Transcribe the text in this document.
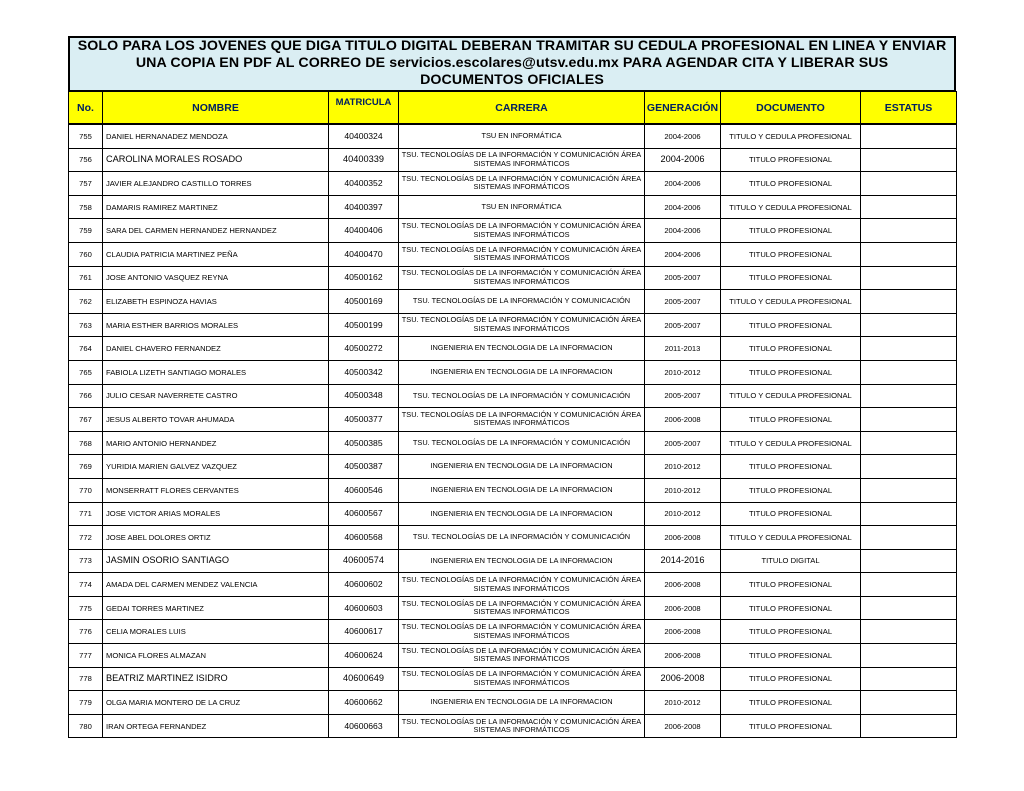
SOLO PARA LOS JOVENES QUE DIGA TITULO DIGITAL DEBERAN TRAMITAR SU CEDULA PROFESIONAL EN LINEA Y ENVIAR
UNA COPIA EN PDF AL CORREO DE servicios.escolares@utsv.edu.mx PARA AGENDAR CITA Y LIBERAR SUS
DOCUMENTOS OFICIALES
No.	NOMBRE	MATRICULA	CARRERA	GENERACIÓN	DOCUMENTO	ESTATUS
755	DANIEL HERNANADEZ MENDOZA	40400324	TSU EN INFORMÁTICA	2004-2006	TITULO Y CEDULA PROFESIONAL	
756	CAROLINA MORALES ROSADO	40400339	TSU. TECNOLOGÍAS DE LA INFORMACIÓN Y COMUNICACIÓN ÁREA SISTEMAS INFORMÁTICOS	2004-2006	TITULO PROFESIONAL	
757	JAVIER ALEJANDRO CASTILLO TORRES	40400352	TSU. TECNOLOGÍAS DE LA INFORMACIÓN Y COMUNICACIÓN ÁREA SISTEMAS INFORMÁTICOS	2004-2006	TITULO PROFESIONAL	
758	DAMARIS RAMIREZ MARTINEZ	40400397	TSU EN INFORMÁTICA	2004-2006	TITULO Y CEDULA PROFESIONAL	
759	SARA DEL CARMEN HERNANDEZ HERNANDEZ	40400406	TSU. TECNOLOGÍAS DE LA INFORMACIÓN Y COMUNICACIÓN ÁREA SISTEMAS INFORMÁTICOS	2004-2006	TITULO PROFESIONAL	
760	CLAUDIA PATRICIA MARTINEZ PEÑA	40400470	TSU. TECNOLOGÍAS DE LA INFORMACIÓN Y COMUNICACIÓN ÁREA SISTEMAS INFORMÁTICOS	2004-2006	TITULO PROFESIONAL	
761	JOSE ANTONIO VASQUEZ REYNA	40500162	TSU. TECNOLOGÍAS DE LA INFORMACIÓN Y COMUNICACIÓN ÁREA SISTEMAS INFORMÁTICOS	2005-2007	TITULO PROFESIONAL	
762	ELIZABETH ESPINOZA HAVIAS	40500169	TSU. TECNOLOGÍAS DE LA INFORMACIÓN Y COMUNICACIÓN	2005-2007	TITULO Y CEDULA PROFESIONAL	
763	MARIA ESTHER BARRIOS MORALES	40500199	TSU. TECNOLOGÍAS DE LA INFORMACIÓN Y COMUNICACIÓN ÁREA SISTEMAS INFORMÁTICOS	2005-2007	TITULO PROFESIONAL	
764	DANIEL CHAVERO FERNANDEZ	40500272	INGENIERIA EN TECNOLOGIA DE LA INFORMACION	2011-2013	TITULO PROFESIONAL	
765	FABIOLA LIZETH SANTIAGO MORALES	40500342	INGENIERIA EN TECNOLOGIA DE LA INFORMACION	2010-2012	TITULO PROFESIONAL	
766	JULIO CESAR NAVERRETE CASTRO	40500348	TSU. TECNOLOGÍAS DE LA INFORMACIÓN Y COMUNICACIÓN	2005-2007	TITULO Y CEDULA PROFESIONAL	
767	JESUS ALBERTO TOVAR AHUMADA	40500377	TSU. TECNOLOGÍAS DE LA INFORMACIÓN Y COMUNICACIÓN ÁREA SISTEMAS INFORMÁTICOS	2006-2008	TITULO PROFESIONAL	
768	MARIO ANTONIO HERNANDEZ	40500385	TSU. TECNOLOGÍAS DE LA INFORMACIÓN Y COMUNICACIÓN	2005-2007	TITULO Y CEDULA PROFESIONAL	
769	YURIDIA MARIEN GALVEZ VAZQUEZ	40500387	INGENIERIA EN TECNOLOGIA DE LA INFORMACION	2010-2012	TITULO PROFESIONAL	
770	MONSERRATT FLORES CERVANTES	40600546	INGENIERIA EN TECNOLOGIA DE LA INFORMACION	2010-2012	TITULO PROFESIONAL	
771	JOSE VICTOR ARIAS MORALES	40600567	INGENIERIA EN TECNOLOGIA DE LA INFORMACION	2010-2012	TITULO PROFESIONAL	
772	JOSE ABEL DOLORES ORTIZ	40600568	TSU. TECNOLOGÍAS DE LA INFORMACIÓN Y COMUNICACIÓN	2006-2008	TITULO Y CEDULA PROFESIONAL	
773	JASMIN OSORIO SANTIAGO	40600574	INGENIERIA EN TECNOLOGIA DE LA INFORMACION	2014-2016	TITULO DIGITAL	
774	AMADA DEL CARMEN MENDEZ VALENCIA	40600602	TSU. TECNOLOGÍAS DE LA INFORMACIÓN Y COMUNICACIÓN ÁREA SISTEMAS INFORMÁTICOS	2006-2008	TITULO PROFESIONAL	
775	GEDAI TORRES MARTINEZ	40600603	TSU. TECNOLOGÍAS DE LA INFORMACIÓN Y COMUNICACIÓN ÁREA SISTEMAS INFORMÁTICOS	2006-2008	TITULO PROFESIONAL	
776	CELIA MORALES LUIS	40600617	TSU. TECNOLOGÍAS DE LA INFORMACIÓN Y COMUNICACIÓN ÁREA SISTEMAS INFORMÁTICOS	2006-2008	TITULO PROFESIONAL	
777	MONICA FLORES ALMAZAN	40600624	TSU. TECNOLOGÍAS DE LA INFORMACIÓN Y COMUNICACIÓN ÁREA SISTEMAS INFORMÁTICOS	2006-2008	TITULO PROFESIONAL	
778	BEATRIZ MARTINEZ ISIDRO	40600649	TSU. TECNOLOGÍAS DE LA INFORMACIÓN Y COMUNICACIÓN ÁREA SISTEMAS INFORMÁTICOS	2006-2008	TITULO PROFESIONAL	
779	OLGA MARIA MONTERO DE LA CRUZ	40600662	INGENIERIA EN TECNOLOGIA DE LA INFORMACION	2010-2012	TITULO PROFESIONAL	
780	IRAN ORTEGA FERNANDEZ	40600663	TSU. TECNOLOGÍAS DE LA INFORMACIÓN Y COMUNICACIÓN ÁREA SISTEMAS INFORMÁTICOS	2006-2008	TITULO PROFESIONAL	
